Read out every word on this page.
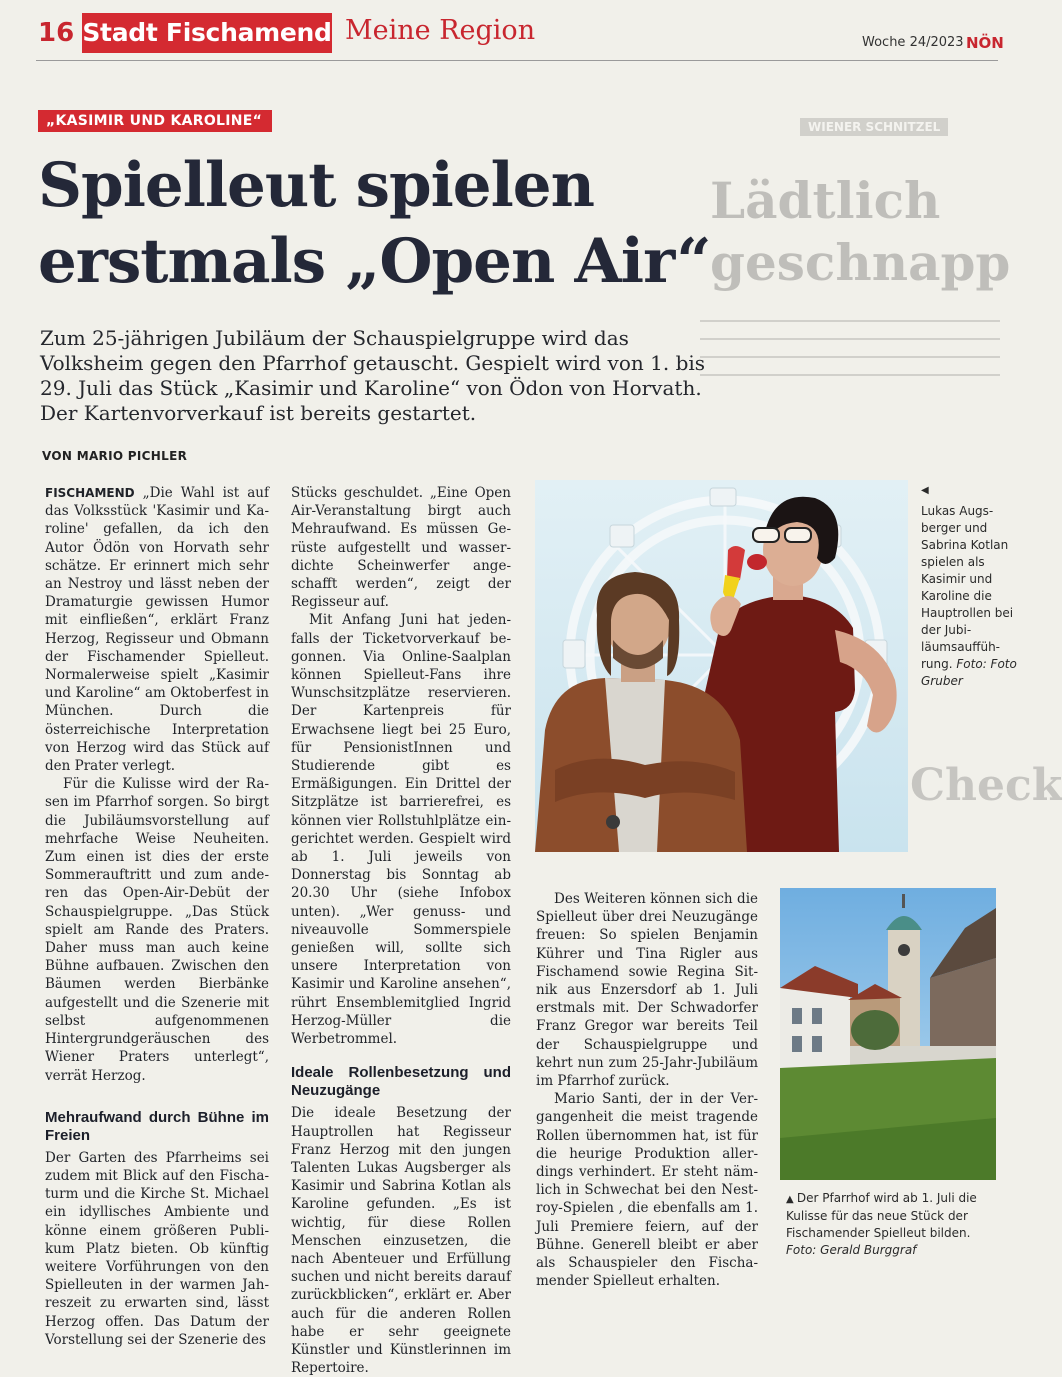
16 Stadt Fischamend Meine Region	Woche 24/2023 NÖN
WIENER SCHNITZEL
Lädtlich
geschnapp
Check
„KASIMIR UND KAROLINE“
Spielleut spielen
erstmals „Open Air“
Zum 25-jährigen Jubiläum der Schauspielgruppe wird das Volksheim gegen den Pfarrhof getauscht. Gespielt wird von 1. bis 29. Juli das Stück „Kasimir und Karoline“ von Ödon von Horvath. Der Kartenvorverkauf ist bereits gestartet.
VON MARIO PICHLER

FISCHAMEND „Die Wahl ist auf das Volksstück 'Kasimir und Karoline' gefallen, da ich den Autor Ödön von Horvath sehr schätze. Er erinnert mich sehr an Nestroy und lässt neben der Dramaturgie gewissen Humor mit einfließen“, erklärt Franz Herzog, Regisseur und Obmann der Fischamender Spielleut. Normalerweise spielt „Kasimir und Karoline“ am Oktoberfest in München. Durch die österreichische Interpretation von Herzog wird das Stück auf den Prater verlegt.

Für die Kulisse wird der Rasen im Pfarrhof sorgen. So birgt die Jubiläumsvorstellung auf mehrfache Weise Neuheiten. Zum einen ist dies der erste Sommerauftritt und zum anderen das Open-Air-Debüt der Schauspielgruppe. „Das Stück spielt am Rande des Praters. Daher muss man auch keine Bühne aufbauen. Zwischen den Bäumen werden Bierbänke aufgestellt und die Szenerie mit selbst aufgenommenen Hintergrundgeräuschen des Wiener Praters unterlegt“, verrät Herzog.

Mehraufwand durch Bühne im Freien

Der Garten des Pfarrheims sei zudem mit Blick auf den Fischaturm und die Kirche St. Michael ein idyllisches Ambiente und könne einem größeren Publikum Platz bieten. Ob künftig weitere Vorführungen von den Spielleuten in der warmen Jahreszeit zu erwarten sind, lässt Herzog offen. Das Datum der Vorstellung sei der Szenerie des

Stücks geschuldet. „Eine Open Air-Veranstaltung birgt auch Mehraufwand. Es müssen Gerüste aufgestellt und wasserdichte Scheinwerfer angeschafft werden“, zeigt der Regisseur auf.

Mit Anfang Juni hat jedenfalls der Ticketvorverkauf begonnen. Via Online-Saalplan können Spielleut-Fans ihre Wunschsitzplätze reservieren. Der Kartenpreis für Erwachsene liegt bei 25 Euro, für PensionistInnen und Studierende gibt es Ermäßigungen. Ein Drittel der Sitzplätze ist barrierefrei, es können vier Rollstuhlplätze eingerichtet werden. Gespielt wird ab 1. Juli jeweils von Donnerstag bis Sonntag ab 20.30 Uhr (siehe Infobox unten). „Wer genuss- und niveauvolle Sommerspiele genießen will, sollte sich unsere Interpretation von Kasimir und Karoline ansehen“, rührt Ensemblemitglied Ingrid Herzog-Müller die Werbetrommel.

Ideale Rollenbesetzung und Neuzugänge

Die ideale Besetzung der Hauptrollen hat Regisseur Franz Herzog mit den jungen Talenten Lukas Augsberger als Kasimir und Sabrina Kotlan als Karoline gefunden. „Es ist wichtig, für diese Rollen Menschen einzusetzen, die nach Abenteuer und Erfüllung suchen und nicht bereits darauf zurückblicken“, erklärt er. Aber auch für die anderen Rollen habe er sehr geeignete Künstler und Künstlerinnen im Repertoire.

◀
Lukas Augsberger und Sabrina Kotlan spielen als Kasimir und Karoline die Hauptrollen bei der Jubiläumsaufführung. Foto: Foto Gruber

Des Weiteren können sich die Spielleut über drei Neuzugänge freuen: So spielen Benjamin Kührer und Tina Rigler aus Fischamend sowie Regina Sitnik aus Enzersdorf ab 1. Juli erstmals mit. Der Schwadorfer Franz Gregor war bereits Teil der Schauspielgruppe und kehrt nun zum 25-Jahr-Jubiläum im Pfarrhof zurück.

Mario Santi, der in der Vergangenheit die meist tragende Rollen übernommen hat, ist für die heurige Produktion allerdings verhindert. Er steht nämlich in Schwechat bei den Nestroy-Spielen , die ebenfalls am 1. Juli Premiere feiern, auf der Bühne. Generell bleibt er aber als Schauspieler den Fischamender Spielleut erhalten.

▲ Der Pfarrhof wird ab 1. Juli die Kulisse für das neue Stück der Fischamender Spielleut bilden. Foto: Gerald Burggraf
